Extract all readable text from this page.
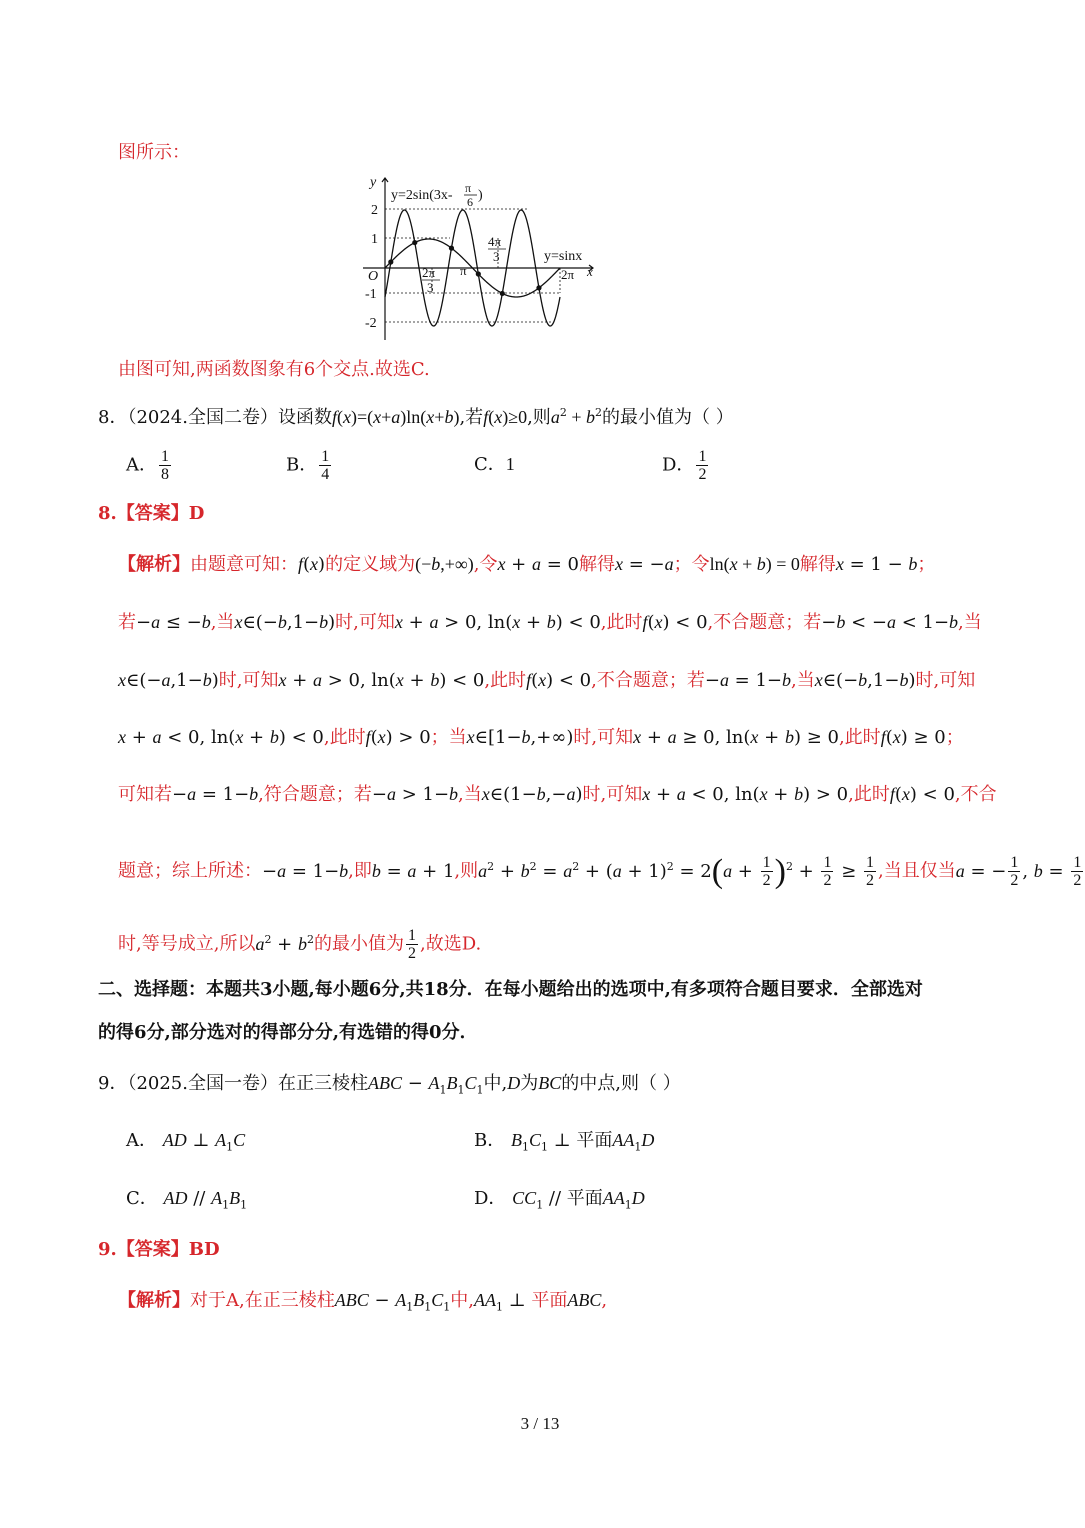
图所示：
y
x
O
y=2sin(3x- π
6 )
y=sinx
2
1
-1
-2
2π
3
π
4π
3
2π
由图可知,两函数图象有6个交点.故选C.
8．（2024.全国二卷）设函数f(x)=(x+a)ln(x+b),若f(x)≥0,则$a^2 + b^2$的最小值为（ ）
A． $\frac{1}{8}$	B． $\frac{1}{4}$	C．1	D． $\frac{1}{2}$
8.【答案】D
【解析】由题意可知：f(x)的定义域为(−b,+∞),令x + a = 0解得x = −a；令ln(x + b) = 0解得x = 1 − b；
若−a ≤ −b,当x∈(−b,1−b)时,可知x + a > 0, ln(x + b) < 0,此时f(x) < 0,不合题意；若−b < −a < 1−b,当
x∈(−a,1−b)时,可知x + a > 0, ln(x + b) < 0,此时f(x) < 0,不合题意；若−a = 1−b,当x∈(−b,1−b)时,可知
x + a < 0, ln(x + b) < 0,此时f(x) > 0；当x∈[1−b,+∞)时,可知x + a ≥ 0, ln(x + b) ≥ 0,此时f(x) ≥ 0；
可知若−a = 1−b,符合题意；若−a > 1−b,当x∈(1−b,−a)时,可知x + a < 0, ln(x + b) > 0,此时f(x) < 0,不合
题意；综上所述：−a = 1−b,即b = a + 1,则$a^2 + b^2 = a^2 + (a + 1)^2 = 2(a + \frac{1}{2} )^2 + \frac{1}{2} \ge \frac{1}{2}$ ,当且仅当a = − $\frac{1}{2}$ , $b = \frac{1}{2}$
时,等号成立,所以$a^2 + b^2$的最小值为 $\frac{1}{2}$ ,故选D.
二、选择题：本题共3小题,每小题6分,共18分．在每小题给出的选项中,有多项符合题目要求．全部选对
的得6分,部分选对的得部分分,有选错的得0分．
9．（2025.全国一卷）在正三棱柱ABC − $A_1B_1C_1$中,D为BC的中点,则（ ）
A． AD ⊥ $A_1C$	B． $B_1C_1$ ⊥ 平面$AA_1D$
C． AD // $A_1B_1$	D． $CC_1$ // 平面$AA_1D$
9.【答案】BD
【解析】对于A,在正三棱柱ABC − $A_1B_1C_1$中$,AA_1$ ⊥ 平面ABC,
3 / 13
